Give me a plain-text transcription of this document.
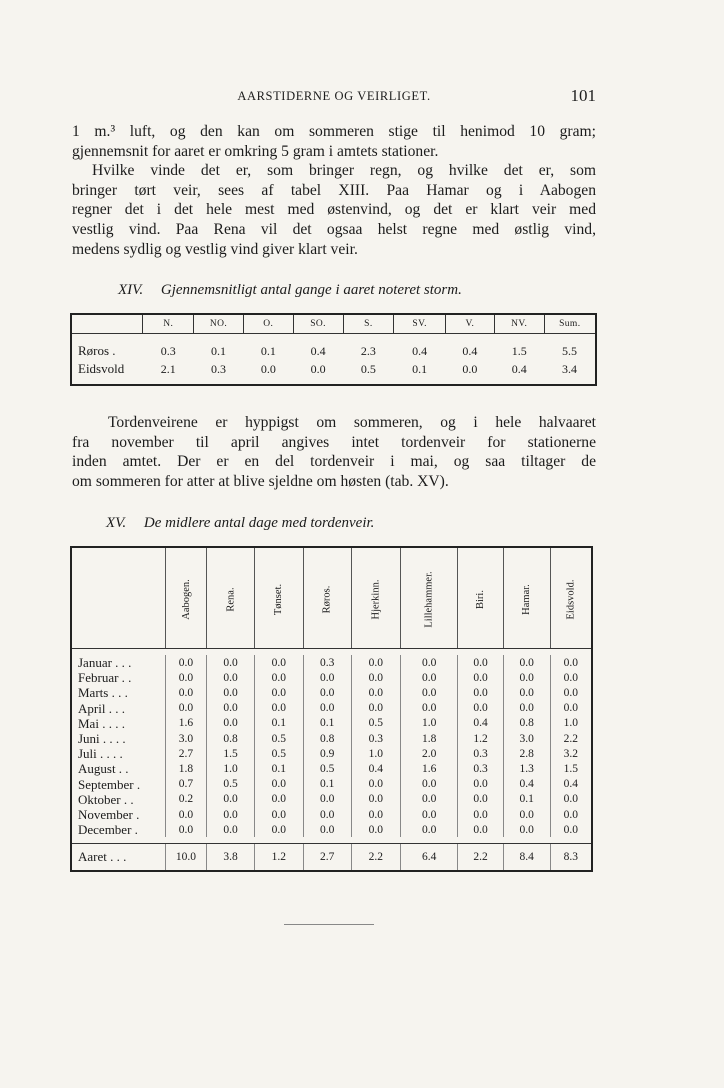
AARSTIDERNE OG VEIRLIGET.	101

1 m.³ luft, og den kan om sommeren stige til henimod 10 gram;
gjennemsnit for aaret er omkring 5 gram i amtets stationer.
Hvilke vinde det er, som bringer regn, og hvilke det er, som
bringer tørt veir, sees af tabel XIII. Paa Hamar og i Aabogen
regner det i det hele mest med østenvind, og det er klart veir med
vestlig vind. Paa Rena vil det ogsaa helst regne med østlig vind,
medens sydlig og vestlig vind giver klart veir.

XIV. Gjennemsnitligt antal gange i aaret noteret storm.
	N.	NO.	O.	SO.	S.	SV.	V.	NV.	Sum.

Røros .	0.3	0.1	0.1	0.4	2.3	0.4	0.4	1.5	5.5
Eidsvold	2.1	0.3	0.0	0.0	0.5	0.1	0.0	0.4	3.4

Tordenveirene er hyppigst om sommeren, og i hele halvaaret
fra november til april angives intet tordenveir for stationerne
inden amtet. Der er en del tordenveir i mai, og saa tiltager de
om sommeren for atter at blive sjeldne om høsten (tab. XV).

XV. De midlere antal dage med tordenveir.
	Aabogen.	Rena.	Tønset.	Røros.	Hjerkinn.	Lillehammer.	Biri.	Hamar.	Eidsvold.

Januar . . .	0.0	0.0	0.0	0.3	0.0	0.0	0.0	0.0	0.0
Februar . .	0.0	0.0	0.0	0.0	0.0	0.0	0.0	0.0	0.0
Marts . . .	0.0	0.0	0.0	0.0	0.0	0.0	0.0	0.0	0.0
April . . .	0.0	0.0	0.0	0.0	0.0	0.0	0.0	0.0	0.0
Mai . . . .	1.6	0.0	0.1	0.1	0.5	1.0	0.4	0.8	1.0
Juni . . . .	3.0	0.8	0.5	0.8	0.3	1.8	1.2	3.0	2.2
Juli . . . .	2.7	1.5	0.5	0.9	1.0	2.0	0.3	2.8	3.2
August . .	1.8	1.0	0.1	0.5	0.4	1.6	0.3	1.3	1.5
September .	0.7	0.5	0.0	0.1	0.0	0.0	0.0	0.4	0.4
Oktober . .	0.2	0.0	0.0	0.0	0.0	0.0	0.0	0.1	0.0
November .	0.0	0.0	0.0	0.0	0.0	0.0	0.0	0.0	0.0
December .	0.0	0.0	0.0	0.0	0.0	0.0	0.0	0.0	0.0

Aaret . . .	10.0	3.8	1.2	2.7	2.2	6.4	2.2	8.4	8.3
